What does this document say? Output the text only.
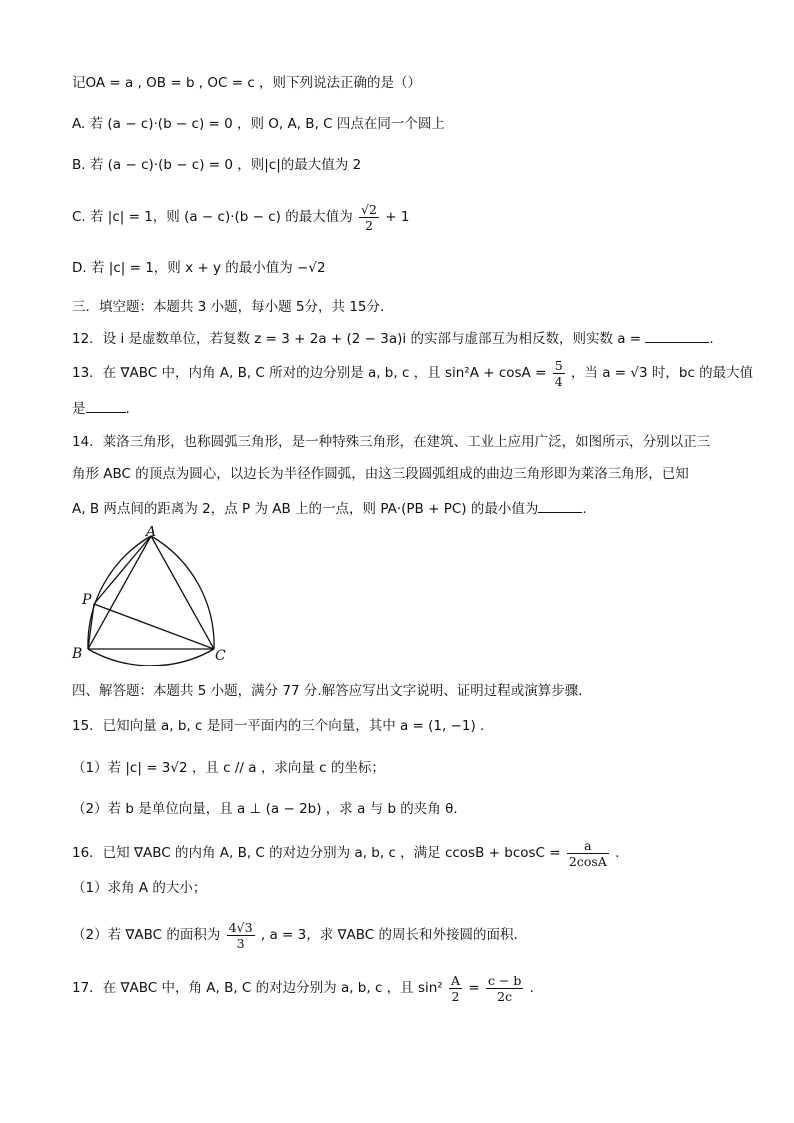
记OA = a , OB = b , OC = c ，则下列说法正确的是（）
A. 若 (a − c)·(b − c) = 0 ，则 O, A, B, C 四点在同一个圆上
B. 若 (a − c)·(b − c) = 0 ，则|c|的最大值为 2
C. 若 |c| = 1，则 (a − c)·(b − c) 的最大值为 $\frac{√2}{2} + 1$
D. 若 |c| = 1，则 x + y 的最小值为 −√2
三．填空题：本题共 3 小题，每小题 5分，共 15分.
12．设 i 是虚数单位，若复数 z = 3 + 2a + (2 − 3a)i 的实部与虚部互为相反数，则实数 a =	.
13．在 ∇ABC 中，内角 A, B, C 所对的边分别是 a, b, c ，且 $\sin^2A + \cos A = \frac{5}{4}$ ，当 a = √3 时，bc 的最大值
是	.
14．莱洛三角形，也称圆弧三角形，是一种特殊三角形，在建筑、工业上应用广泛，如图所示，分别以正三
角形 ABC 的顶点为圆心，以边长为半径作圆弧，由这三段圆弧组成的曲边三角形即为莱洛三角形，已知
A, B 两点间的距离为 2，点 P 为 AB 上的一点，则 PA·(PB + PC) 的最小值为	.
A
P
B	C
四、解答题：本题共 5 小题，满分 77 分.解答应写出文字说明、证明过程或演算步骤.
15．已知向量 a, b, c 是同一平面内的三个向量，其中 a = (1, −1) .
（1）若 |c| = 3√2 ，且 c // a ，求向量 c 的坐标；
（2）若 b 是单位向量，且 a ⊥ (a − 2b) ，求 a 与 b 的夹角 θ.
16．已知 ∇ABC 的内角 A, B, C 的对边分别为 a, b, c ，满足 $ccosB + bcosC = \frac{a}{2\cos A}$ .
（1）求角 A 的大小；
（2）若 ∇ABC 的面积为 $\frac{4√3}{3}$ , a = 3，求 ∇ABC 的周长和外接圆的面积.
17．在 ∇ABC 中，角 A, B, C 的对边分别为 a, b, c ，且 $\sin^2 \frac{A}{2} = \frac{c - b}{2c}$ .
